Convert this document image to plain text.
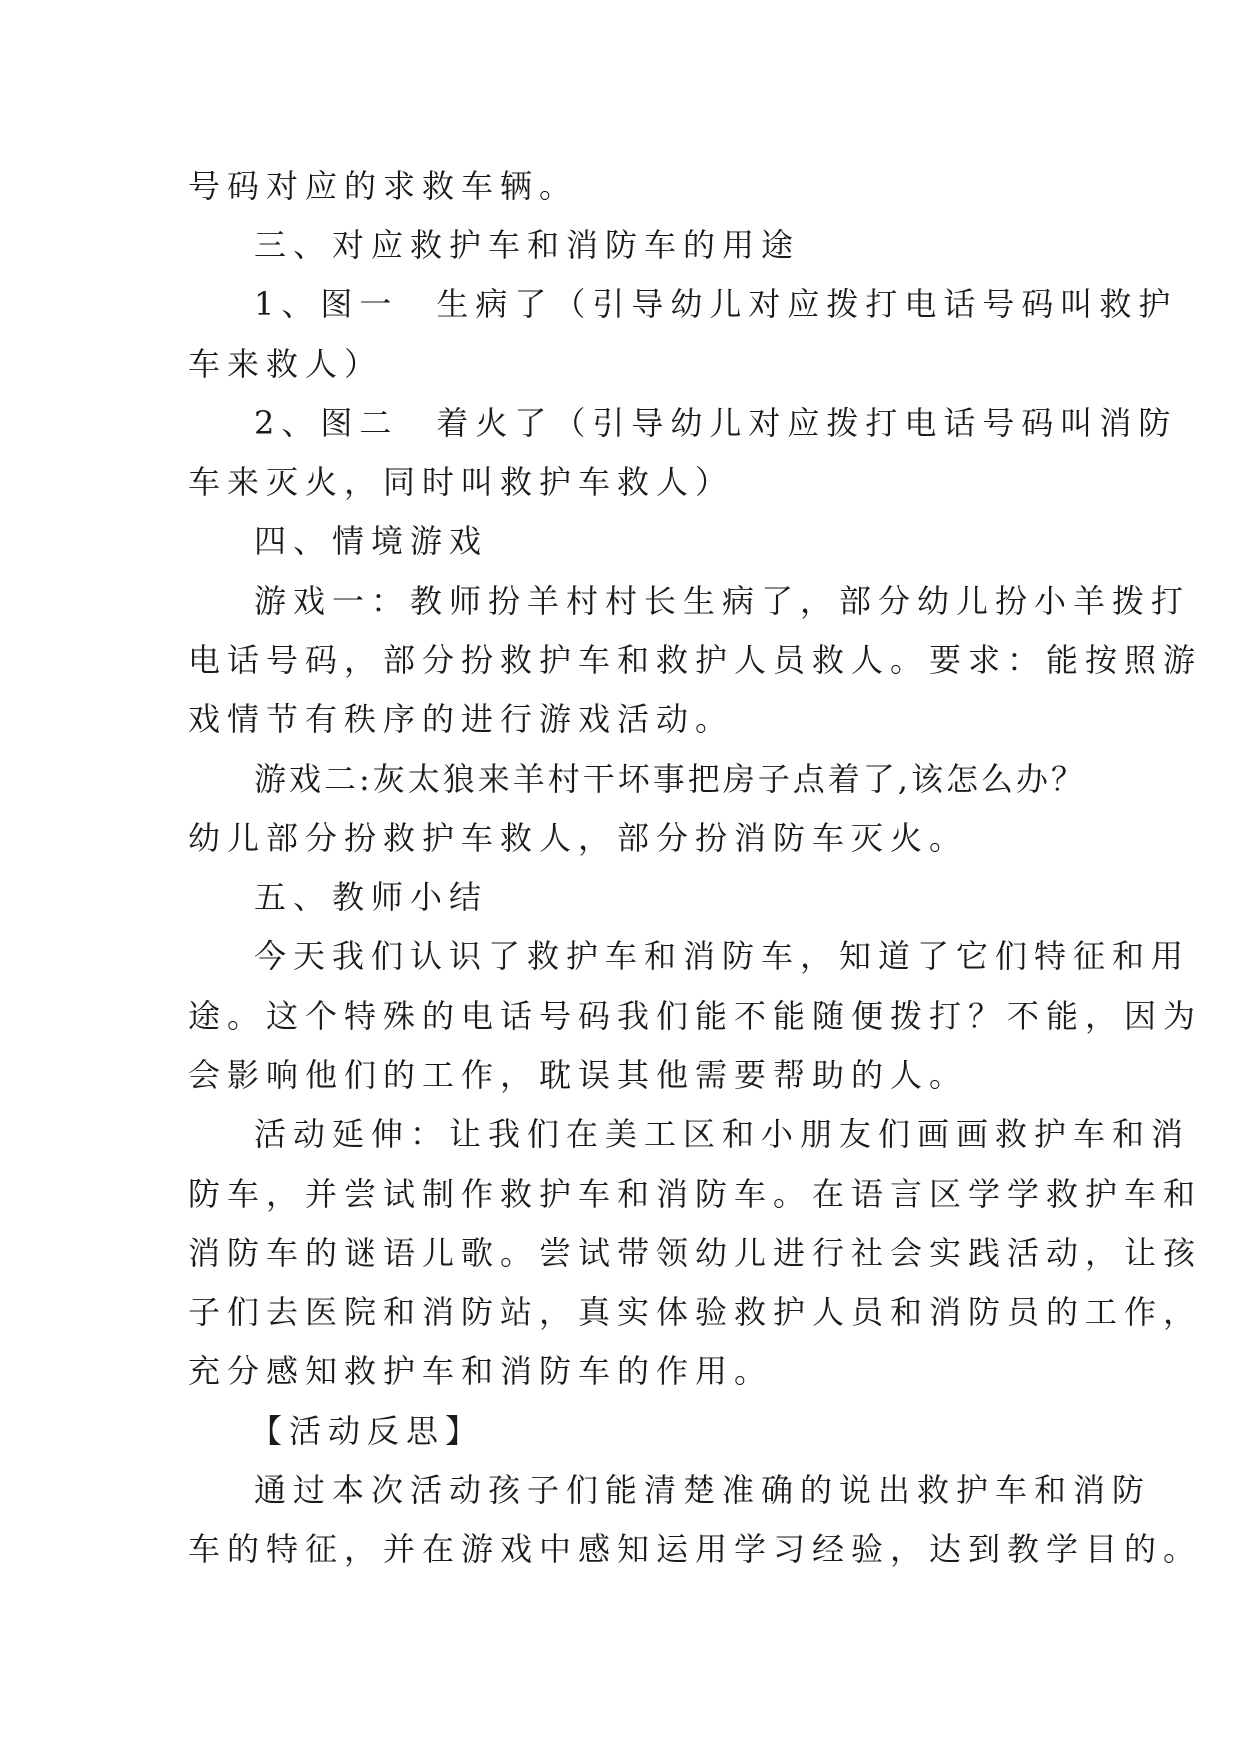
号码对应的求救车辆。
三、对应救护车和消防车的用途
1、图一 生病了（引导幼儿对应拨打电话号码叫救护
车来救人）
2、图二 着火了（引导幼儿对应拨打电话号码叫消防
车来灭火，同时叫救护车救人）
四、情境游戏
游戏一：教师扮羊村村长生病了，部分幼儿扮小羊拨打
电话号码，部分扮救护车和救护人员救人。要求：能按照游
戏情节有秩序的进行游戏活动。
游戏二:灰太狼来羊村干坏事把房子点着了,该怎么办？
幼儿部分扮救护车救人，部分扮消防车灭火。
五、教师小结
今天我们认识了救护车和消防车，知道了它们特征和用
途。这个特殊的电话号码我们能不能随便拨打？不能，因为
会影响他们的工作，耽误其他需要帮助的人。
活动延伸：让我们在美工区和小朋友们画画救护车和消
防车，并尝试制作救护车和消防车。在语言区学学救护车和
消防车的谜语儿歌。尝试带领幼儿进行社会实践活动，让孩
子们去医院和消防站，真实体验救护人员和消防员的工作，
充分感知救护车和消防车的作用。
【活动反思】
通过本次活动孩子们能清楚准确的说出救护车和消防
车的特征，并在游戏中感知运用学习经验，达到教学目的。
